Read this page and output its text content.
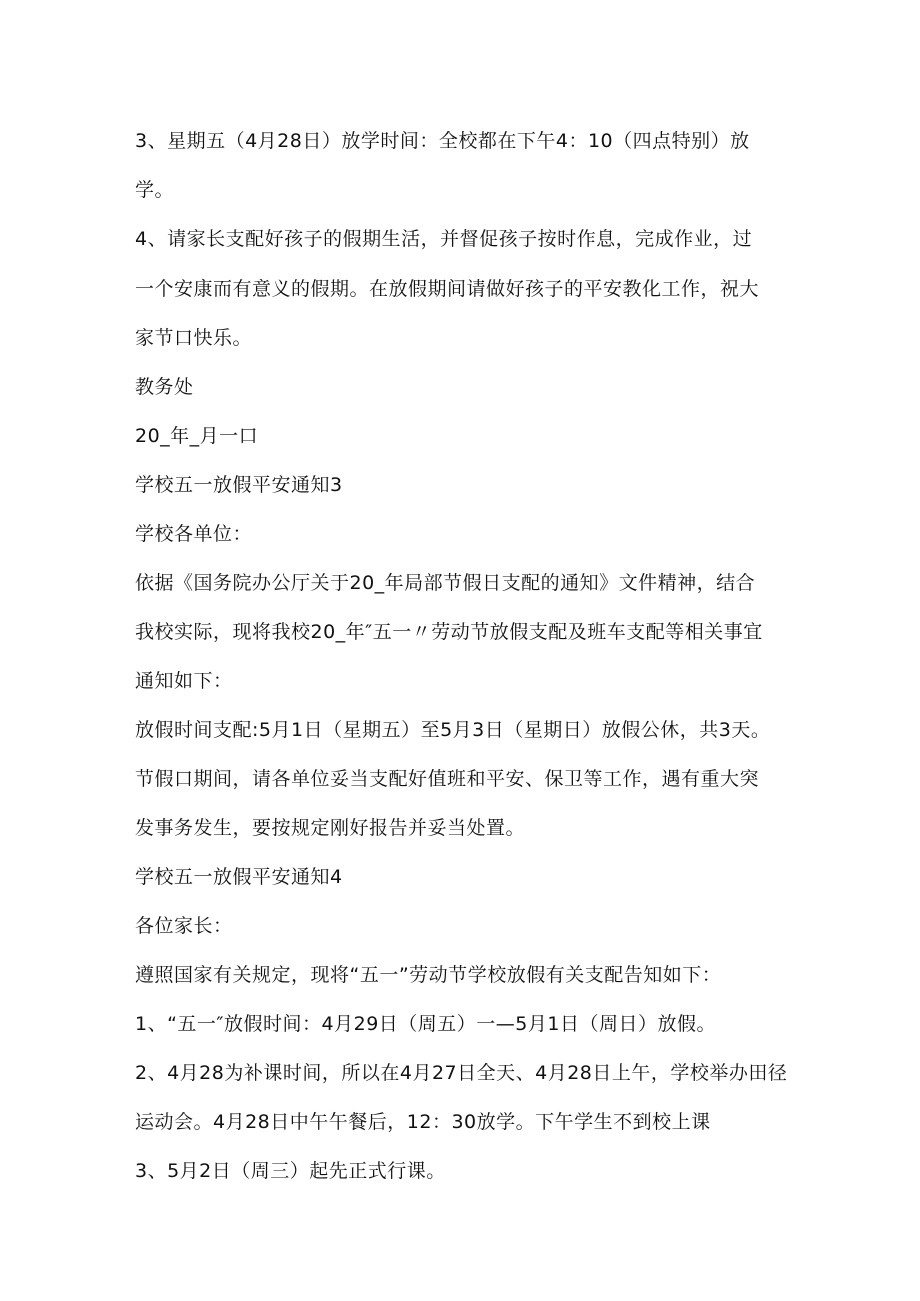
3、星期五（4月28日）放学时间：全校都在下午4：10（四点特别）放
学。
4、请家长支配好孩子的假期生活，并督促孩子按时作息，完成作业，过
一个安康而有意义的假期。在放假期间请做好孩子的平安教化工作，祝大
家节口快乐。
教务处
20_年_月一口
学校五一放假平安通知3
学校各单位：
依据《国务院办公厅关于20_年局部节假日支配的通知》文件精神，结合
我校实际，现将我校20_年″五一〃劳动节放假支配及班车支配等相关事宜
通知如下：
放假时间支配:5月1日（星期五）至5月3日（星期日）放假公休，共3天。
节假口期间，请各单位妥当支配好值班和平安、保卫等工作，遇有重大突
发事务发生，要按规定刚好报告并妥当处置。
学校五一放假平安通知4
各位家长：
遵照国家有关规定，现将“五一”劳动节学校放假有关支配告知如下：
1、“五一″放假时间：4月29日（周五）一—5月1日（周日）放假。
2、4月28为补课时间，所以在4月27日全天、4月28日上午，学校举办田径
运动会。4月28日中午午餐后，12：30放学。下午学生不到校上课
3、5月2日（周三）起先正式行课。
